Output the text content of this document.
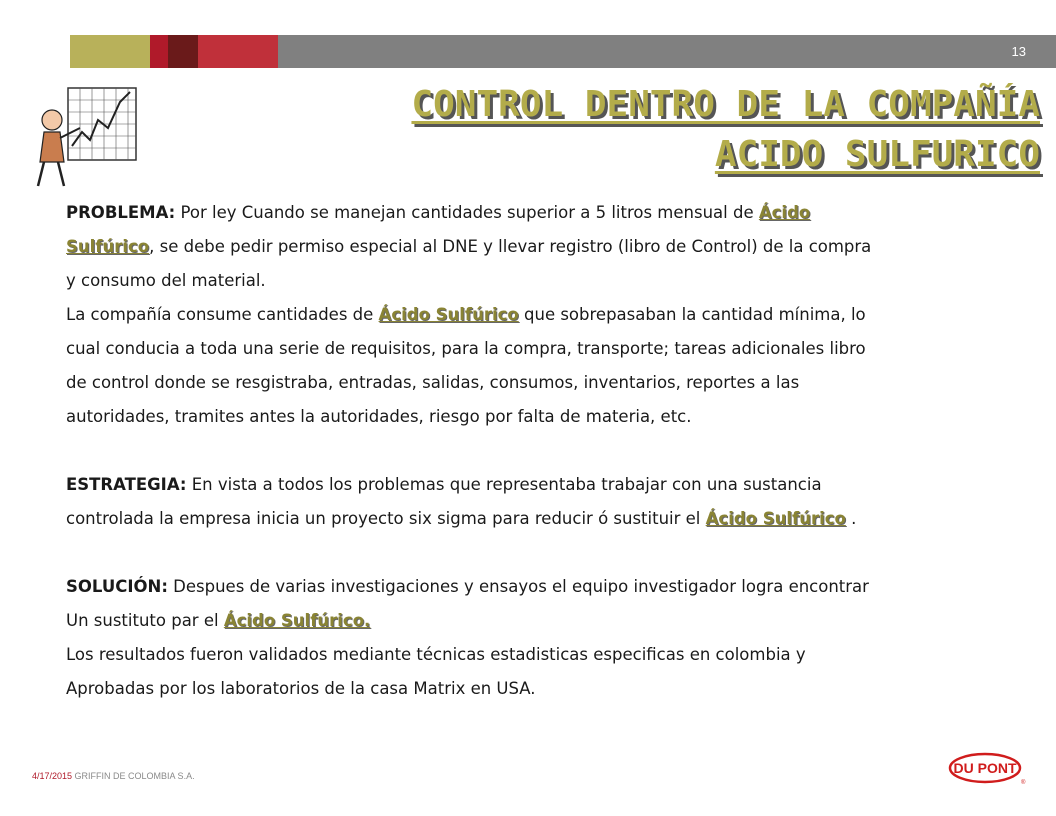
13
CONTROL DENTRO DE LA COMPAÑÍA
ACIDO SULFURICO

PROBLEMA: Por ley Cuando se manejan cantidades superior a 5 litros mensual de Ácido

Sulfúrico, se debe pedir permiso especial al DNE y llevar registro (libro de Control) de la compra

y consumo del material.

La compañía consume cantidades de Ácido Sulfúrico que sobrepasaban la cantidad mínima, lo

cual conducia a toda una serie de requisitos, para la compra, transporte; tareas adicionales libro

de control donde se resgistraba, entradas, salidas, consumos, inventarios, reportes a las

autoridades, tramites antes la autoridades, riesgo por falta de materia, etc.

ESTRATEGIA: En vista a todos los problemas que representaba trabajar con una sustancia

controlada la empresa inicia un proyecto six sigma para reducir ó sustituir el Ácido Sulfúrico .

SOLUCIÓN: Despues de varias investigaciones y ensayos el equipo investigador logra encontrar

Un sustituto par el Ácido Sulfúrico.

Los resultados fueron validados mediante técnicas estadisticas especificas en colombia y

Aprobadas por los laboratorios de la casa Matrix en USA.

4/17/2015 GRIFFIN DE COLOMBIA S.A.	DU PONT
®
